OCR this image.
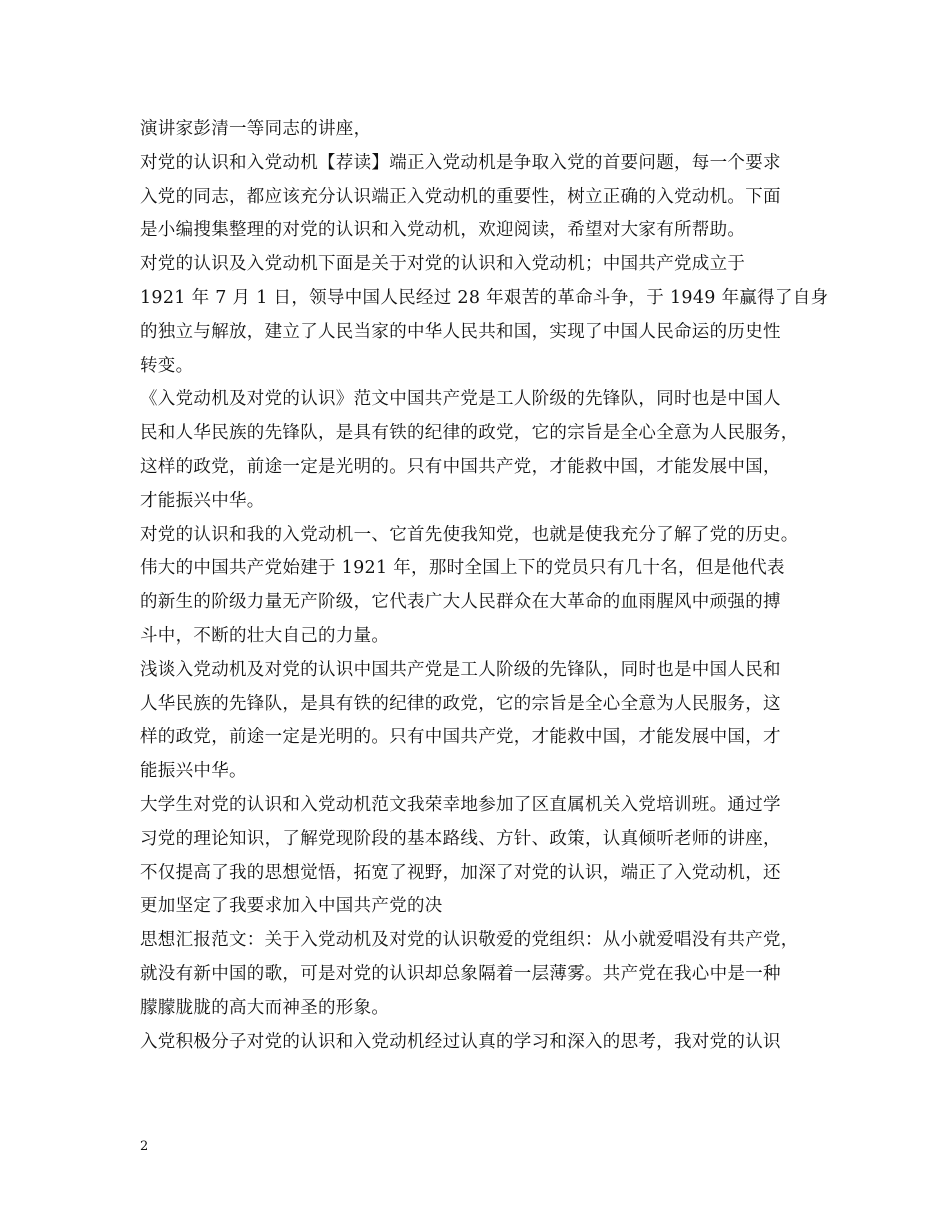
演讲家彭清一等同志的讲座，
对党的认识和入党动机【荐读】端正入党动机是争取入党的首要问题，每一个要求
入党的同志，都应该充分认识端正入党动机的重要性，树立正确的入党动机。下面
是小编搜集整理的对党的认识和入党动机，欢迎阅读，希望对大家有所帮助。
对党的认识及入党动机下面是关于对党的认识和入党动机；中国共产党成立于
1921 年 7 月 1 日，领导中国人民经过 28 年艰苦的革命斗争，于 1949 年赢得了自身
的独立与解放，建立了人民当家的中华人民共和国，实现了中国人民命运的历史性
转变。
《入党动机及对党的认识》范文中国共产党是工人阶级的先锋队，同时也是中国人
民和人华民族的先锋队，是具有铁的纪律的政党，它的宗旨是全心全意为人民服务，
这样的政党，前途一定是光明的。只有中国共产党，才能救中国，才能发展中国，
才能振兴中华。
对党的认识和我的入党动机一、它首先使我知党，也就是使我充分了解了党的历史。
伟大的中国共产党始建于 1921 年，那时全国上下的党员只有几十名，但是他代表
的新生的阶级力量无产阶级，它代表广大人民群众在大革命的血雨腥风中顽强的搏
斗中，不断的壮大自己的力量。
浅谈入党动机及对党的认识中国共产党是工人阶级的先锋队，同时也是中国人民和
人华民族的先锋队，是具有铁的纪律的政党，它的宗旨是全心全意为人民服务，这
样的政党，前途一定是光明的。只有中国共产党，才能救中国，才能发展中国，才
能振兴中华。
大学生对党的认识和入党动机范文我荣幸地参加了区直属机关入党培训班。通过学
习党的理论知识，了解党现阶段的基本路线、方针、政策，认真倾听老师的讲座，
不仅提高了我的思想觉悟，拓宽了视野，加深了对党的认识，端正了入党动机，还
更加坚定了我要求加入中国共产党的决
思想汇报范文：关于入党动机及对党的认识敬爱的党组织：从小就爱唱没有共产党，
就没有新中国的歌，可是对党的认识却总象隔着一层薄雾。共产党在我心中是一种
朦朦胧胧的高大而神圣的形象。
入党积极分子对党的认识和入党动机经过认真的学习和深入的思考，我对党的认识
2
